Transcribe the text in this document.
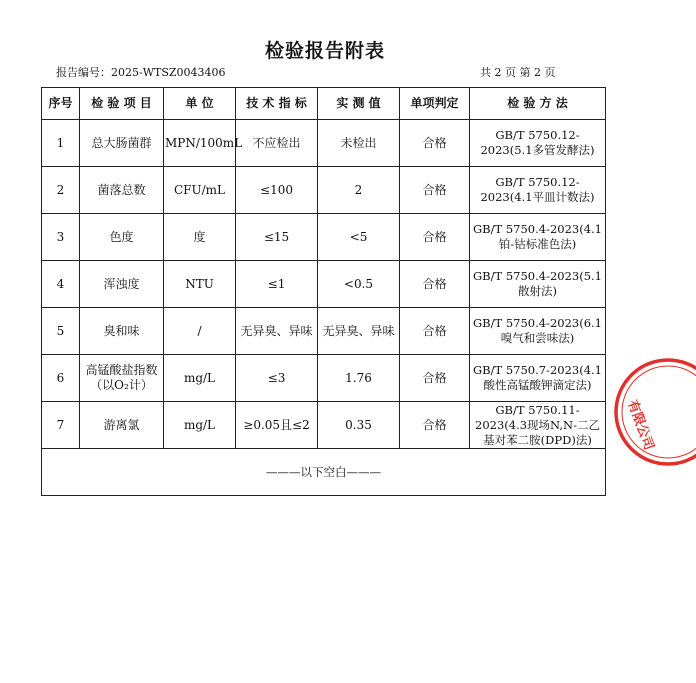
检验报告附表
报告编号：2025-WTSZ0043406	共 2 页 第 2 页
序号	检 验 项 目	单 位	技 术 指 标	实 测 值	单项判定	检 验 方 法
1	总大肠菌群	MPN/100mL	不应检出	未检出	合格	GB/T 5750.12-2023(5.1多管发酵法)
2	菌落总数	CFU/mL	≤100	2	合格	GB/T 5750.12-2023(4.1平皿计数法)
3	色度	度	≤15	<5	合格	GB/T 5750.4-2023(4.1铂-钴标准色法)
4	浑浊度	NTU	≤1	<0.5	合格	GB/T 5750.4-2023(5.1散射法)
5	臭和味	/	无异臭、异味	无异臭、异味	合格	GB/T 5750.4-2023(6.1嗅气和尝味法)
6	高锰酸盐指数（以O₂计）	mg/L	≤3	1.76	合格	GB/T 5750.7-2023(4.1酸性高锰酸钾滴定法)
7	游离氯	mg/L	≥0.05且≤2	0.35	合格	GB/T 5750.11-2023(4.3现场N,N-二乙基对苯二胺(DPD)法)
———以下空白———						
有限公司
